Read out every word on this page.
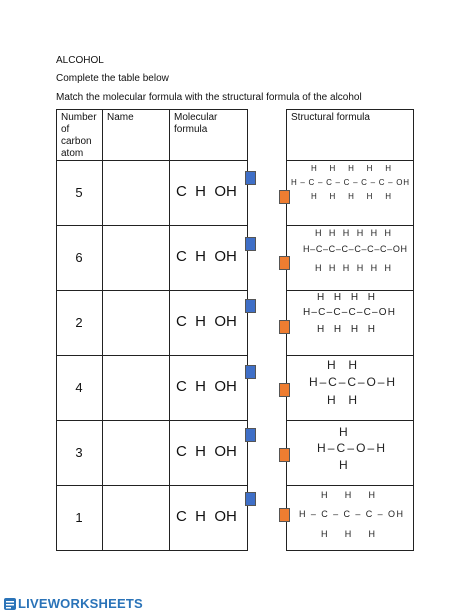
ALCOHOL
Complete the table below
Match the molecular formula with the structural formula of the alcohol
Number
of
carbon
atom
Name	Molecular
formula
Structural formula
5
6
2
4
3
1
C  H  OH
C  H  OH
C  H  OH
C  H  OH
C  H  OH
C  H  OH
H H H H H
H – C – C – C – C – C – OH
H H H H H
H H H H H H
H–C–C–C–C–C–C–OH
H H H H H H
H H H H
H–C–C–C–C–OH
H H H H
H H
H–C–C–O–H
H H
H
H–C–O–H
H
H H H
H – C – C – C – OH
H H H
LIVEWORKSHEETS
